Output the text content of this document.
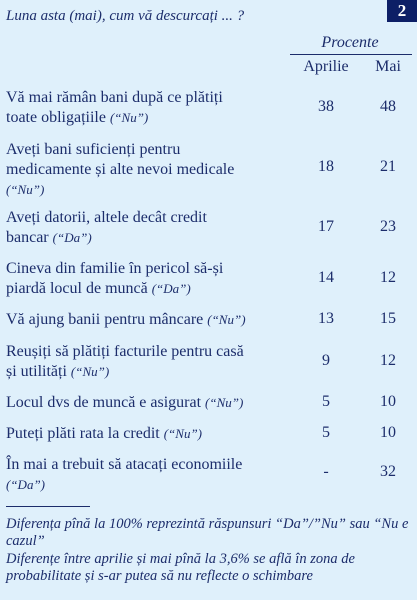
Luna asta (mai), cum vă descurcați ... ?	2
Procente
Aprilie	Mai
Vă mai rămân bani după ce plătiți
toate obligațiile (“Nu”)
38	48
Aveți bani suficienți pentru
medicamente și alte nevoi medicale
(“Nu”)
18	21
Aveți datorii, altele decât credit
bancar (“Da”)
17	23
Cineva din familie în pericol să-și
piardă locul de muncă (“Da”)
14	12
Vă ajung banii pentru mâncare (“Nu”)	13	15
Reușiți să plătiți facturile pentru casă
și utilități (“Nu”)
9	12
Locul dvs de muncă e asigurat (“Nu”)	5	10
Puteți plăti rata la credit (“Nu”)	5	10
În mai a trebuit să atacați economiile
(“Da”)
-	32
Diferența pînă la 100% reprezintă răspunsuri “Da”/”Nu” sau “Nu e cazul”
Diferențe între aprilie și mai pînă la 3,6% se află în zona de probabilitate și s-ar putea să nu reflecte o schimbare
